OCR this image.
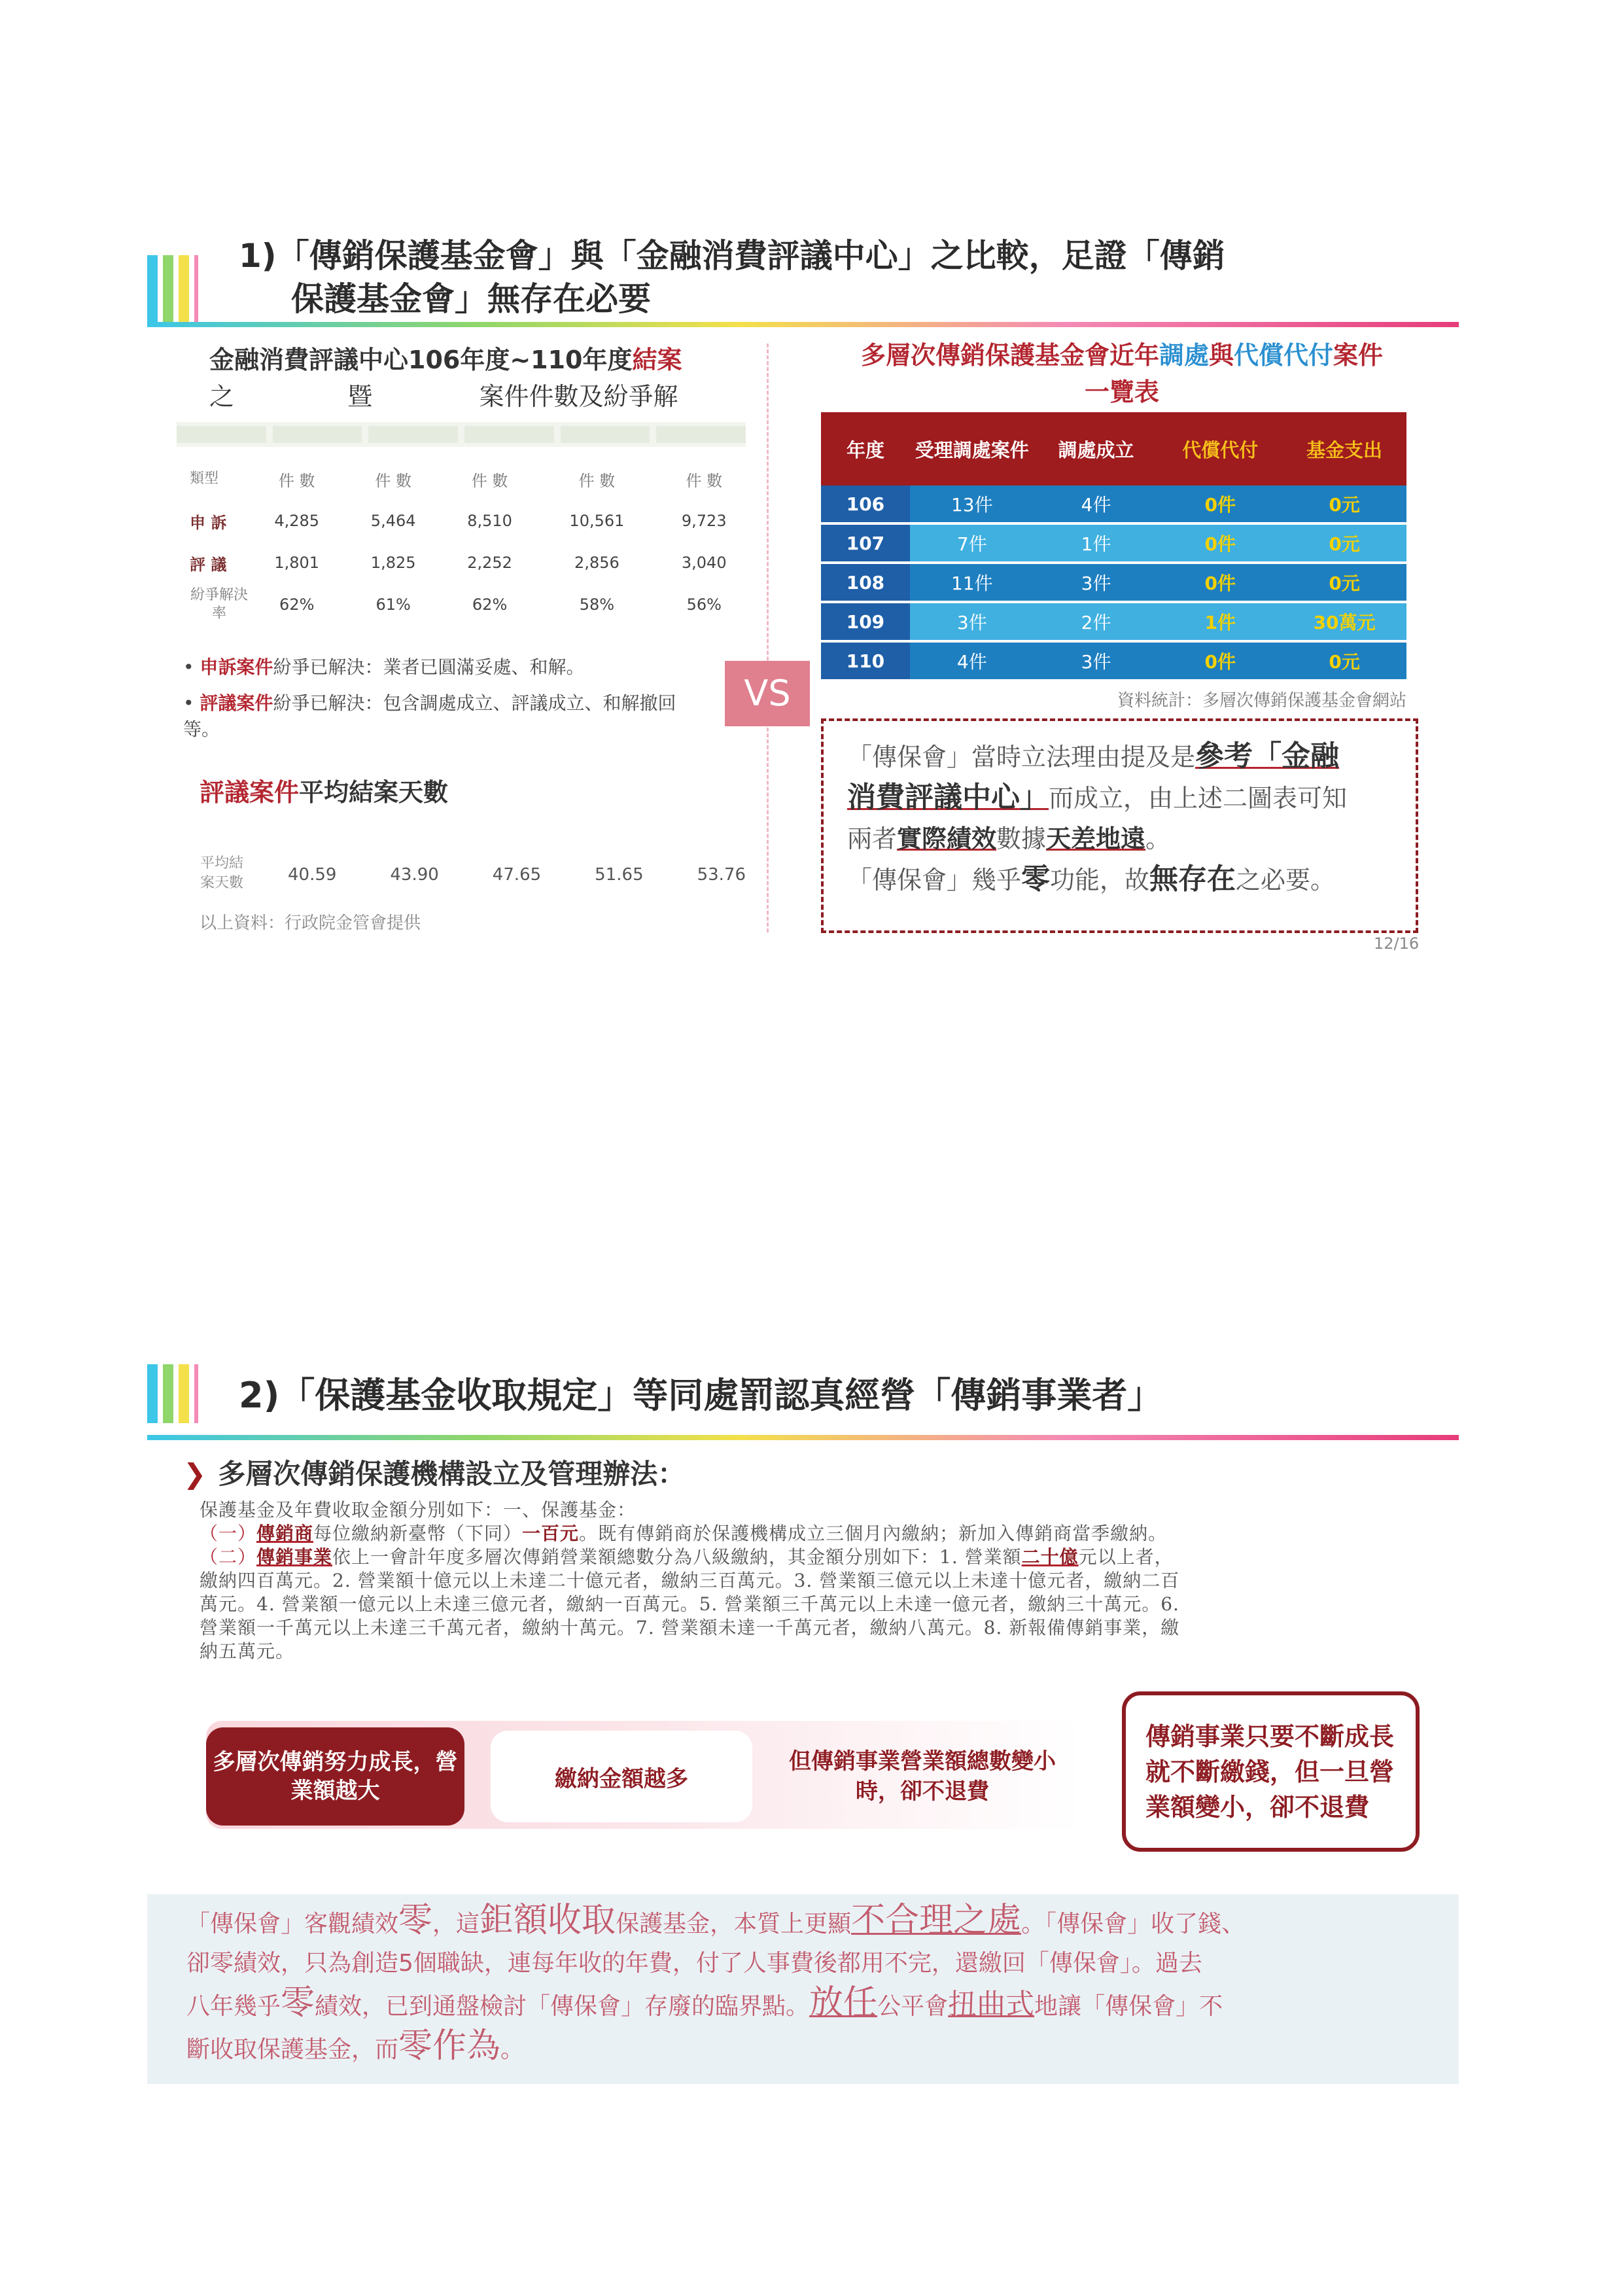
1)「傳銷保護基金會」與「金融消費評議中心」之比較，足證「傳銷
保護基金會」無存在必要
金融消費評議中心106年度~110年度結案
之	暨	案件件數及紛爭解
類型	件 數	件 數	件 數	件 數	件 數
申 訴	4,285	5,464	8,510	10,561	9,723
評 議	1,801	1,825	2,252	2,856	3,040
紛爭解決率	62%	61%	62%	58%	56%
• 申訴案件紛爭已解決：業者已圓滿妥處、和解。
• 評議案件紛爭已解決：包含調處成立、評議成立、和解撤回等。
評議案件平均結案天數
平均結案天數	40.59	43.90	47.65	51.65	53.76
以上資料：行政院金管會提供
VS
多層次傳銷保護基金會近年調處與代償代付案件
一覽表
年度	受理調處案件	調處成立	代償代付	基金支出
106	13件	4件	0件	0元
107	7件	1件	0件	0元
108	11件	3件	0件	0元
109	3件	2件	1件	30萬元
110	4件	3件	0件	0元
資料統計：多層次傳銷保護基金會網站
「傳保會」當時立法理由提及是參考「金融
消費評議中心」而成立，由上述二圖表可知
兩者實際績效數據天差地遠。
「傳保會」幾乎零功能，故無存在之必要。
12/16
2)「保護基金收取規定」等同處罰認真經營「傳銷事業者」
❯ 多層次傳銷保護機構設立及管理辦法：
保護基金及年費收取金額分別如下：一、保護基金：
（一）傳銷商每位繳納新臺幣（下同）一百元。既有傳銷商於保護機構成立三個月內繳納；新加入傳銷商當季繳納。
（二）傳銷事業依上一會計年度多層次傳銷營業額總數分為八級繳納，其金額分別如下：1. 營業額二十億元以上者，
繳納四百萬元。2. 營業額十億元以上未達二十億元者，繳納三百萬元。3. 營業額三億元以上未達十億元者，繳納二百
萬元。4. 營業額一億元以上未達三億元者，繳納一百萬元。5. 營業額三千萬元以上未達一億元者，繳納三十萬元。6.
營業額一千萬元以上未達三千萬元者，繳納十萬元。7. 營業額未達一千萬元者，繳納八萬元。8. 新報備傳銷事業，繳
納五萬元。
多層次傳銷努力成長，營業額越大	繳納金額越多
但傳銷事業營業額總數變小時，卻不退費
傳銷事業只要不斷成長就不斷繳錢，但一旦營業額變小，卻不退費
「傳保會」客觀績效零，這鉅額收取保護基金，本質上更顯不合理之處。「傳保會」收了錢、
卻零績效，只為創造5個職缺，連每年收的年費，付了人事費後都用不完，還繳回「傳保會」。過去
八年幾乎零績效，已到通盤檢討「傳保會」存廢的臨界點。放任公平會扭曲式地讓「傳保會」不
斷收取保護基金，而零作為。
